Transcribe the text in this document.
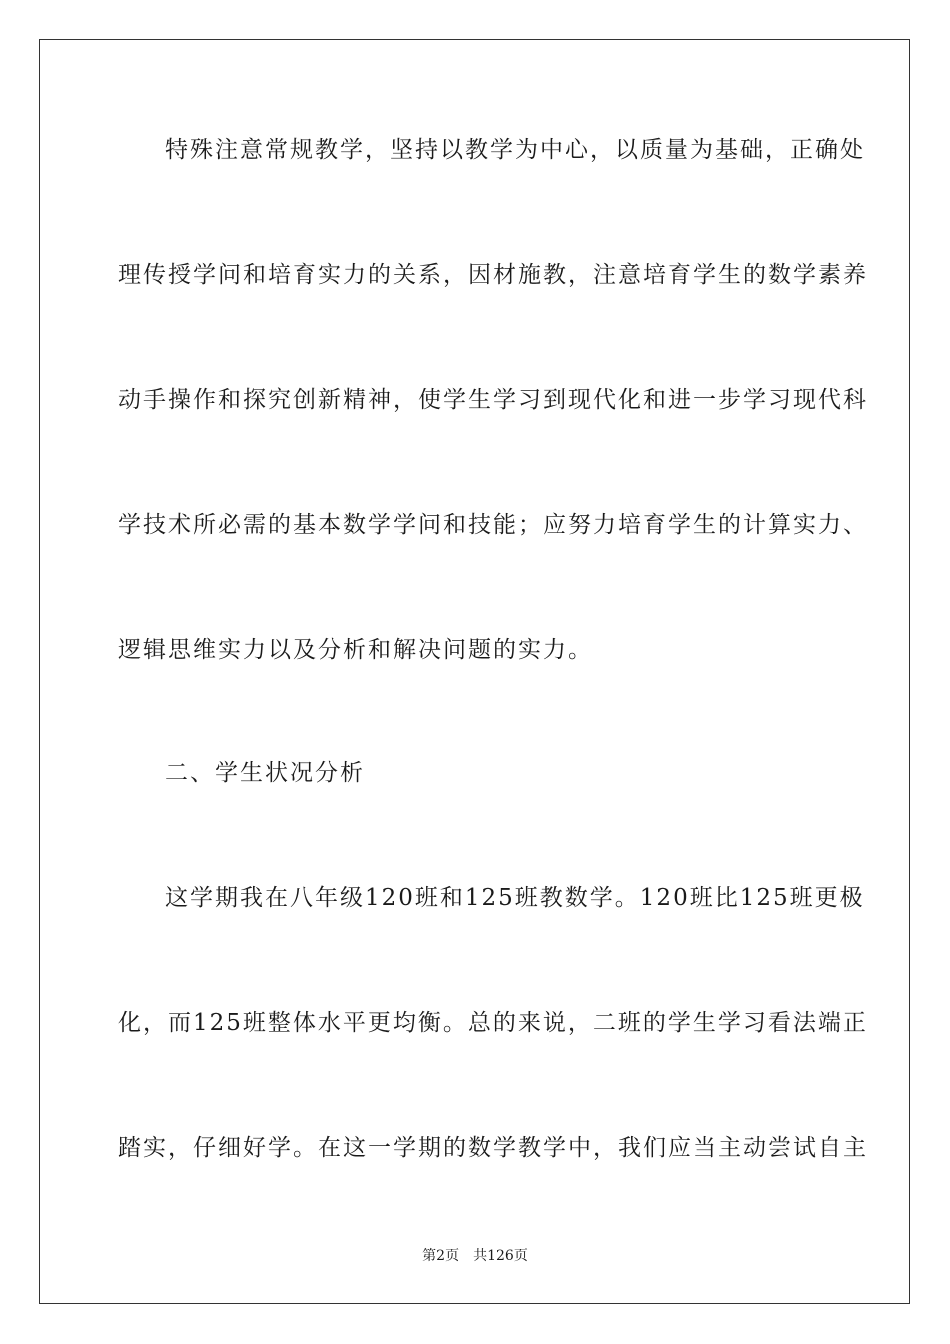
特殊注意常规教学，坚持以教学为中心，以质量为基础，正确处
理传授学问和培育实力的关系，因材施教，注意培育学生的数学素养
动手操作和探究创新精神，使学生学习到现代化和进一步学习现代科
学技术所必需的基本数学学问和技能；应努力培育学生的计算实力、
逻辑思维实力以及分析和解决问题的实力。
二、学生状况分析
这学期我在八年级120班和125班教数学。120班比125班更极
化，而125班整体水平更均衡。总的来说，二班的学生学习看法端正
踏实，仔细好学。在这一学期的数学教学中，我们应当主动尝试自主
第2页 共126页
